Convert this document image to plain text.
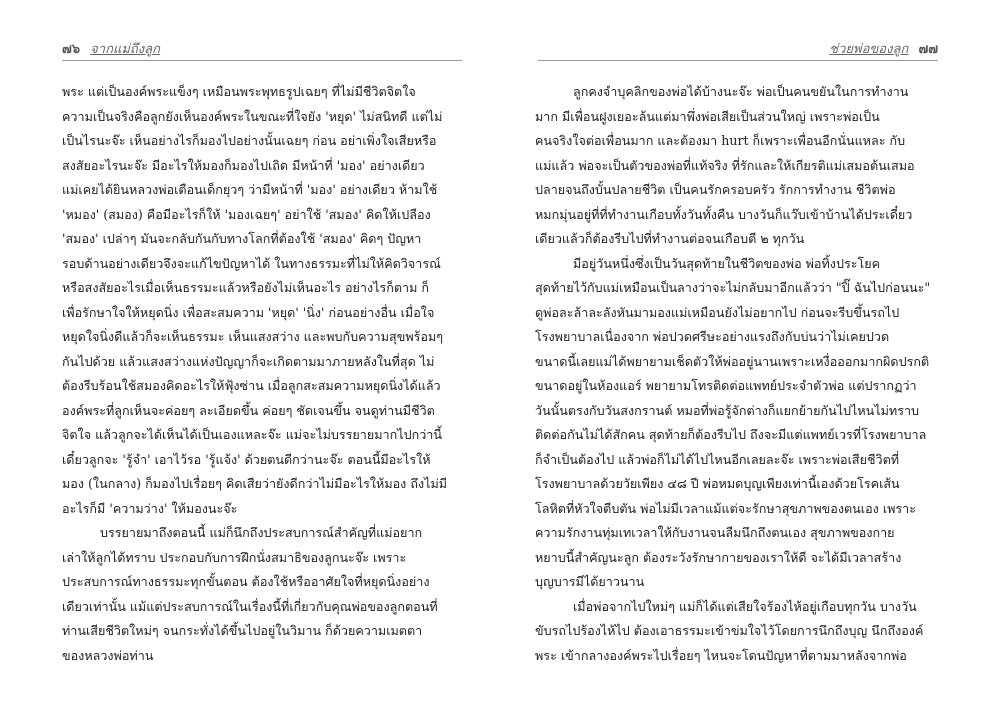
๗๖ จากแม่ถึงลูก
พระ แต่เป็นองค์พระแข็งๆ เหมือนพระพุทธรูปเฉยๆ ที่ไม่มีชีวิตจิตใจ
ความเป็นจริงคือลูกยังเห็นองค์พระในขณะที่ใจยัง 'หยุด' ไม่สนิทดี แต่ไม่
เป็นไรนะจ๊ะ เห็นอย่างไรก็มองไปอย่างนั้นเฉยๆ ก่อน อย่าเพิ่งใจเสียหรือ
สงสัยอะไรนะจ๊ะ มีอะไรให้มองก็มองไปเถิด มีหน้าที่ 'มอง' อย่างเดียว
แม่เคยได้ยินหลวงพ่อเตือนเด็กยุวๆ ว่ามีหน้าที่ 'มอง' อย่างเดียว ห้ามใช้
'หมอง' (สมอง) คือมีอะไรก็ให้ 'มองเฉยๆ' อย่าใช้ 'สมอง' คิดให้เปลือง
'สมอง' เปล่าๆ มันจะกลับกันกับทางโลกที่ต้องใช้ 'สมอง' คิดๆ ปัญหา
รอบด้านอย่างเดียวจึงจะแก้ไขปัญหาได้ ในทางธรรมะที่ไม่ให้คิดวิจารณ์
หรือสงสัยอะไรเมื่อเห็นธรรมะแล้วหรือยังไม่เห็นอะไร อย่างไรก็ตาม ก็
เพื่อรักษาใจให้หยุดนิ่ง เพื่อสะสมความ 'หยุด' 'นิ่ง' ก่อนอย่างอื่น เมื่อใจ
หยุดใจนิ่งดีแล้วก็จะเห็นธรรมะ เห็นแสงสว่าง และพบกับความสุขพร้อมๆ
กันไปด้วย แล้วแสงสว่างแห่งปัญญาก็จะเกิดตามมาภายหลังในที่สุด ไม่
ต้องรีบร้อนใช้สมองคิดอะไรให้ฟุ้งซ่าน เมื่อลูกสะสมความหยุดนิ่งได้แล้ว
องค์พระที่ลูกเห็นจะค่อยๆ ละเอียดขึ้น ค่อยๆ ชัดเจนขึ้น จนดูท่านมีชีวิต
จิตใจ แล้วลูกจะได้เห็นได้เป็นเองแหละจ๊ะ แม่จะไม่บรรยายมากไปกว่านี้
เดี๋ยวลูกจะ 'รู้จำ' เอาไว้รอ 'รู้แจ้ง' ด้วยตนดีกว่านะจ๊ะ ตอนนี้มีอะไรให้
มอง (ในกลาง) ก็มองไปเรื่อยๆ คิดเสียว่ายังดีกว่าไม่มีอะไรให้มอง ถึงไม่มี
อะไรก็มี 'ความว่าง' ให้มองนะจ๊ะ
บรรยายมาถึงตอนนี้ แม่ก็นึกถึงประสบการณ์สำคัญที่แม่อยาก
เล่าให้ลูกได้ทราบ ประกอบกับการฝึกนั่งสมาธิของลูกนะจ๊ะ เพราะ
ประสบการณ์ทางธรรมะทุกขั้นตอน ต้องใช้หรืออาศัยใจที่หยุดนิ่งอย่าง
เดียวเท่านั้น แม้แต่ประสบการณ์ในเรื่องนี้ที่เกี่ยวกับคุณพ่อของลูกตอนที่
ท่านเสียชีวิตใหม่ๆ จนกระทั่งได้ขึ้นไปอยู่ในวิมาน ก็ด้วยความเมตตา
ของหลวงพ่อท่าน
ช่วยพ่อของลูก ๗๗
ลูกคงจำบุคลิกของพ่อได้บ้างนะจ๊ะ พ่อเป็นคนขยันในการทำงาน
มาก มีเพื่อนฝูงเยอะล้นแต่มาพึ่งพ่อเสียเป็นส่วนใหญ่ เพราะพ่อเป็น
คนจริงใจต่อเพื่อนมาก และต้องมา hurt ก็เพราะเพื่อนอีกนั่นแหละ กับ
แม่แล้ว พ่อจะเป็นตัวของพ่อที่แท้จริง ที่รักและให้เกียรติแม่เสมอต้นเสมอ
ปลายจนถึงบั้นปลายชีวิต เป็นคนรักครอบครัว รักการทำงาน ชีวิตพ่อ
หมกมุ่นอยู่ที่ที่ทำงานเกือบทั้งวันทั้งคืน บางวันก็แว๊บเข้าบ้านได้ประเดี๋ยว
เดียวแล้วก็ต้องรีบไปที่ทำงานต่อจนเกือบตี ๒ ทุกวัน
มีอยู่วันหนึ่งซึ่งเป็นวันสุดท้ายในชีวิตของพ่อ พ่อทิ้งประโยค
สุดท้ายไว้กับแม่เหมือนเป็นลางว่าจะไม่กลับมาอีกแล้วว่า "ปิ๊ ฉันไปก่อนนะ"
ดูพ่อละล้าละลังหันมามองแม่เหมือนยังไม่อยากไป ก่อนจะรีบขึ้นรถไป
โรงพยาบาลเนื่องจาก พ่อปวดศรีษะอย่างแรงถึงกับบ่นว่าไม่เคยปวด
ขนาดนี้เลยแม่ได้พยายามเช็ดตัวให้พ่ออยู่นานเพราะเหงื่อออกมากผิดปรกติ
ขนาดอยู่ในห้องแอร์ พยายามโทรติดต่อแพทย์ประจำตัวพ่อ แต่ปรากฏว่า
วันนั้นตรงกับวันสงกรานต์ หมอที่พ่อรู้จักต่างก็แยกย้ายกันไปไหนไม่ทราบ
ติดต่อกันไม่ได้สักคน สุดท้ายก็ต้องรีบไป ถึงจะมีแต่แพทย์เวรที่โรงพยาบาล
ก็จำเป็นต้องไป แล้วพ่อก็ไม่ได้ไปไหนอีกเลยละจ๊ะ เพราะพ่อเสียชีวิตที่
โรงพยาบาลด้วยวัยเพียง ๔๘ ปี พ่อหมดบุญเพียงเท่านี้เองด้วยโรคเส้น
โลหิตที่หัวใจตีบตัน พ่อไม่มีเวลาแม้แต่จะรักษาสุขภาพของตนเอง เพราะ
ความรักงานทุ่มเทเวลาให้กับงานจนลืมนึกถึงตนเอง สุขภาพของกาย
หยาบนี้สำคัญนะลูก ต้องระวังรักษากายของเราให้ดี จะได้มีเวลาสร้าง
บุญบารมีได้ยาวนาน
เมื่อพ่อจากไปใหม่ๆ แม่ก็ได้แต่เสียใจร้องไห้อยู่เกือบทุกวัน บางวัน
ขับรถไปร้องไห้ไป ต้องเอาธรรมะเข้าข่มใจไว้โดยการนึกถึงบุญ นึกถึงองค์
พระ เข้ากลางองค์พระไปเรื่อยๆ ไหนจะโดนปัญหาที่ตามมาหลังจากพ่อ
